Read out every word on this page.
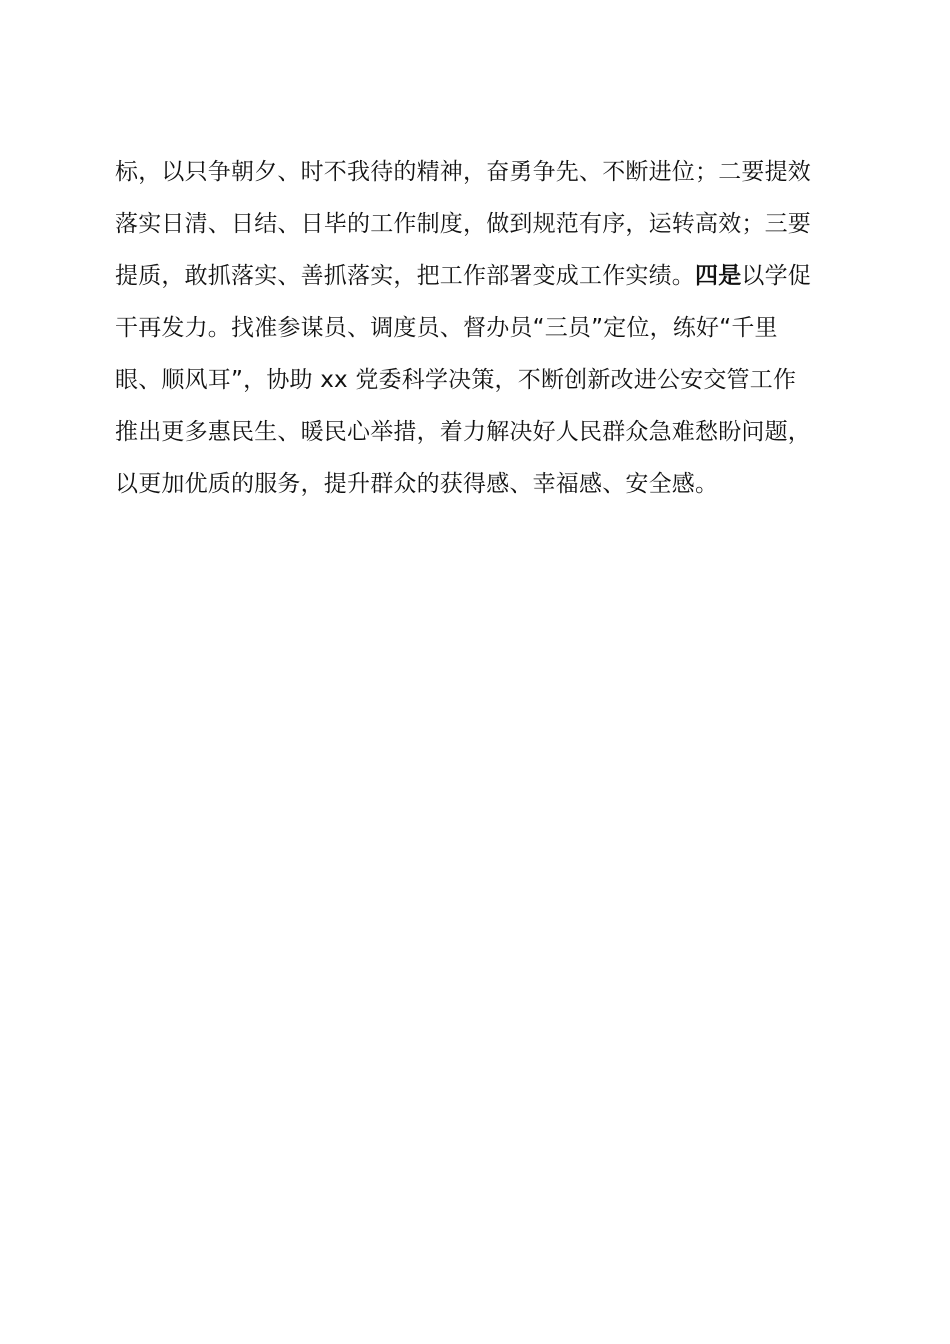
标，以只争朝夕、时不我待的精神，奋勇争先、不断进位；二要提效
落实日清、日结、日毕的工作制度，做到规范有序，运转高效；三要
提质，敢抓落实、善抓落实，把工作部署变成工作实绩。四是以学促
干再发力。找准参谋员、调度员、督办员“三员”定位，练好“千里
眼、顺风耳”，协助 xx 党委科学决策，不断创新改进公安交管工作
推出更多惠民生、暖民心举措，着力解决好人民群众急难愁盼问题，
以更加优质的服务，提升群众的获得感、幸福感、安全感。
